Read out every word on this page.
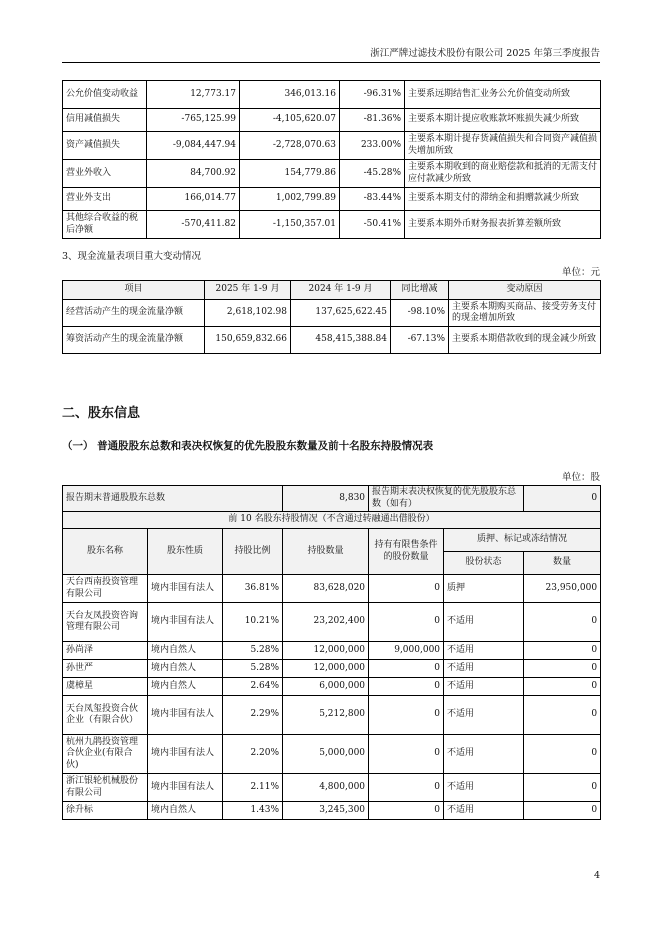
浙江严牌过滤技术股份有限公司 2025 年第三季度报告
公允价值变动收益	12,773.17	346,013.16	-96.31%	主要系远期结售汇业务公允价值变动所致
信用减值损失	-765,125.99	-4,105,620.07	-81.36%	主要系本期计提应收账款坏账损失减少所致
资产减值损失	-9,084,447.94	-2,728,070.63	233.00%	主要系本期计提存货减值损失和合同资产减值损失增加所致
营业外收入	84,700.92	154,779.86	-45.28%	主要系本期收到的商业赔偿款和抵消的无需支付应付款减少所致
营业外支出	166,014.77	1,002,799.89	-83.44%	主要系本期支付的滞纳金和捐赠款减少所致
其他综合收益的税后净额	-570,411.82	-1,150,357.01	-50.41%	主要系本期外币财务报表折算差额所致
3、现金流量表项目重大变动情况
单位：元
项目	2025 年 1-9 月	2024 年 1-9 月	同比增减	变动原因
经营活动产生的现金流量净额	2,618,102.98	137,625,622.45	-98.10%	主要系本期购买商品、接受劳务支付的现金增加所致
筹资活动产生的现金流量净额	150,659,832.66	458,415,388.84	-67.13%	主要系本期借款收到的现金减少所致
二、股东信息
（一） 普通股股东总数和表决权恢复的优先股股东数量及前十名股东持股情况表
单位：股
报告期末普通股股东总数			8,830	报告期末表决权恢复的优先股股东总数（如有）		0
前 10 名股东持股情况（不含通过转融通出借股份）						
股东名称	股东性质	持股比例	持股数量	持有有限售条件的股份数量	质押、标记或冻结情况	
					股份状态	数量
天台西南投资管理有限公司	境内非国有法人	36.81%	83,628,020	0	质押	23,950,000
天台友凤投资咨询管理有限公司	境内非国有法人	10.21%	23,202,400	0	不适用	0
孙尚泽	境内自然人	5.28%	12,000,000	9,000,000	不适用	0
孙世严	境内自然人	5.28%	12,000,000	0	不适用	0
虞樟星	境内自然人	2.64%	6,000,000	0	不适用	0
天台凤玺投资合伙企业（有限合伙）	境内非国有法人	2.29%	5,212,800	0	不适用	0
杭州九鹃投资管理合伙企业(有限合伙)	境内非国有法人	2.20%	5,000,000	0	不适用	0
浙江银轮机械股份有限公司	境内非国有法人	2.11%	4,800,000	0	不适用	0
徐升标	境内自然人	1.43%	3,245,300	0	不适用	0
4
